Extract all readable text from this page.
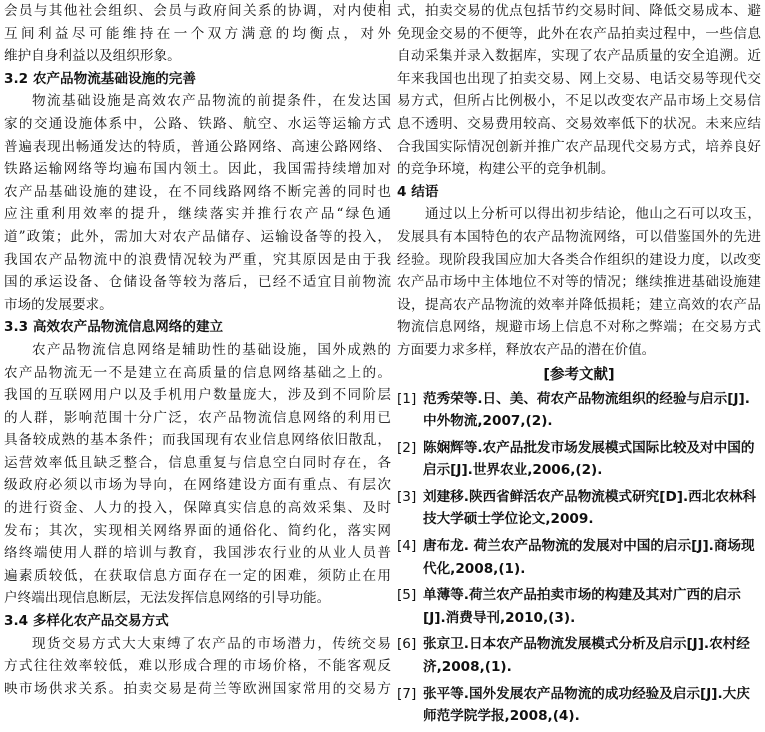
会员与其他社会组织、会员与政府间关系的协调，对内使相
互间利益尽可能维持在一个双方满意的均衡点，对外
维护自身利益以及组织形象。
3.2 农产品物流基础设施的完善
物流基础设施是高效农产品物流的前提条件，在发达国
家的交通设施体系中，公路、铁路、航空、水运等运输方式
普遍表现出畅通发达的特质，普通公路网络、高速公路网络、
铁路运输网络等均遍布国内领土。因此，我国需持续增加对
农产品基础设施的建设，在不同线路网络不断完善的同时也
应注重利用效率的提升，继续落实并推行农产品“绿色通
道”政策；此外，需加大对农产品储存、运输设备等的投入，
我国农产品物流中的浪费情况较为严重，究其原因是由于我
国的承运设备、仓储设备等较为落后，已经不适宜目前物流
市场的发展要求。
3.3 高效农产品物流信息网络的建立
农产品物流信息网络是辅助性的基础设施，国外成熟的
农产品物流无一不是建立在高质量的信息网络基础之上的。
我国的互联网用户以及手机用户数量庞大，涉及到不同阶层
的人群，影响范围十分广泛，农产品物流信息网络的利用已
具备较成熟的基本条件；而我国现有农业信息网络依旧散乱，
运营效率低且缺乏整合，信息重复与信息空白同时存在，各
级政府必须以市场为导向，在网络建设方面有重点、有层次
的进行资金、人力的投入，保障真实信息的高效采集、及时
发布；其次，实现相关网络界面的通俗化、简约化，落实网
络终端使用人群的培训与教育，我国涉农行业的从业人员普
遍素质较低，在获取信息方面存在一定的困难，须防止在用
户终端出现信息断层，无法发挥信息网络的引导功能。
3.4 多样化农产品交易方式
现货交易方式大大束缚了农产品的市场潜力，传统交易
方式往往效率较低，难以形成合理的市场价格，不能客观反
映市场供求关系。拍卖交易是荷兰等欧洲国家常用的交易方
式，拍卖交易的优点包括节约交易时间、降低交易成本、避
免现金交易的不便等，此外在农产品拍卖过程中，一些信息
自动采集并录入数据库，实现了农产品质量的安全追溯。近
年来我国也出现了拍卖交易、网上交易、电话交易等现代交
易方式，但所占比例极小，不足以改变农产品市场上交易信
息不透明、交易费用较高、交易效率低下的状况。未来应结
合我国实际情况创新并推广农产品现代交易方式，培养良好
的竞争环境，构建公平的竞争机制。
4 结语
通过以上分析可以得出初步结论，他山之石可以攻玉，
发展具有本国特色的农产品物流网络，可以借鉴国外的先进
经验。现阶段我国应加大各类合作组织的建设力度，以改变
农产品市场中主体地位不对等的情况；继续推进基础设施建
设，提高农产品物流的效率并降低损耗；建立高效的农产品
物流信息网络，规避市场上信息不对称之弊端；在交易方式
方面要力求多样，释放农产品的潜在价值。
[参考文献]
[1] 范秀荣等.日、美、荷农产品物流组织的经验与启示[J].中外物流,2007,(2).
[2] 陈娴辉等.农产品批发市场发展模式国际比较及对中国的启示[J].世界农业,2006,(2).
[3] 刘建移.陕西省鲜活农产品物流模式研究[D].西北农林科技大学硕士学位论文,2009.
[4] 唐布龙. 荷兰农产品物流的发展对中国的启示[J].商场现代化,2008,(1).
[5] 单薄等.荷兰农产品拍卖市场的构建及其对广西的启示[J].消费导刊,2010,(3).
[6] 张京卫.日本农产品物流发展模式分析及启示[J].农村经济,2008,(1).
[7] 张平等.国外发展农产品物流的成功经验及启示[J].大庆师范学院学报,2008,(4).
